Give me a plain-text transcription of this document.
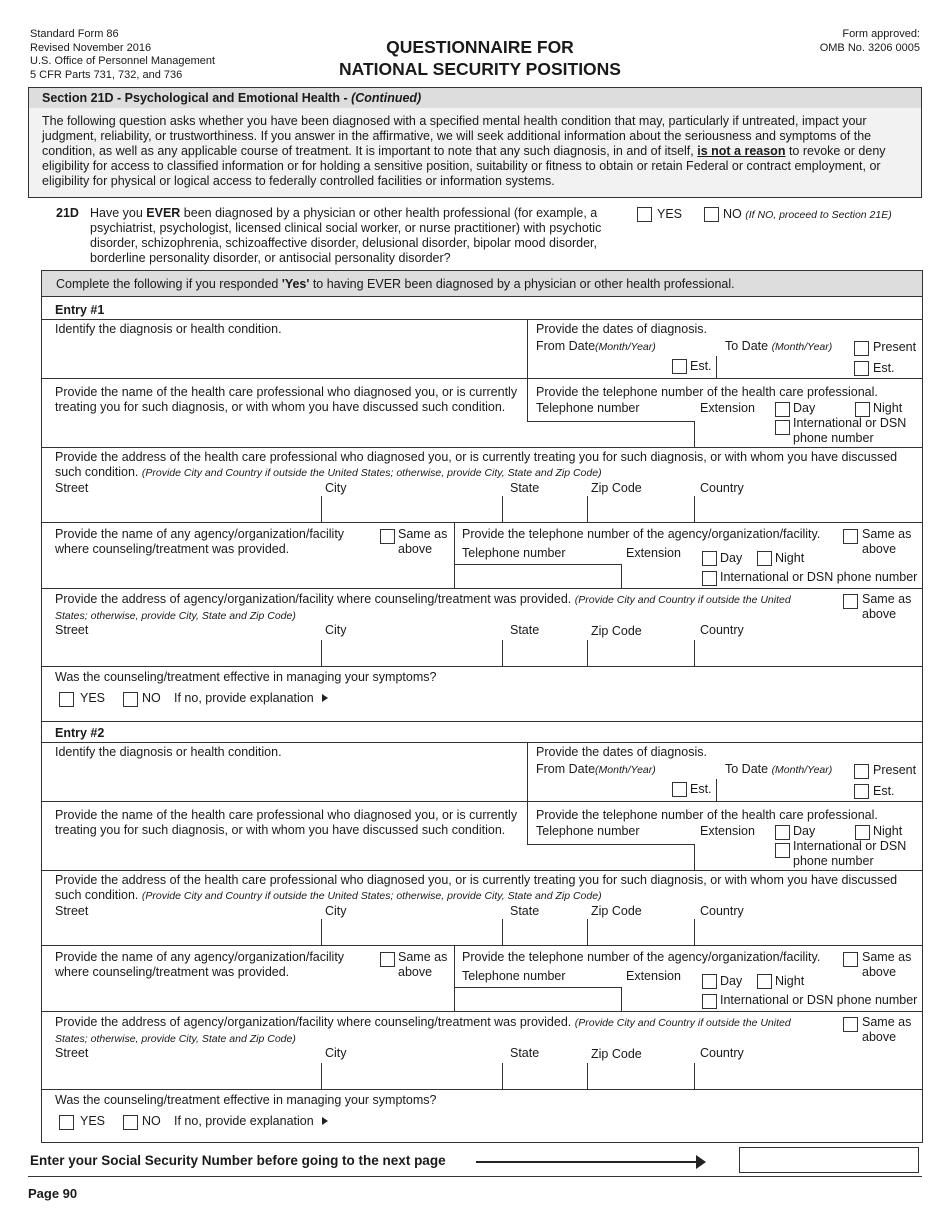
Standard Form 86
Revised November 2016
U.S. Office of Personnel Management
5 CFR Parts 731, 732, and 736
QUESTIONNAIRE FOR
NATIONAL SECURITY POSITIONS
Form approved:
OMB No. 3206 0005
Section 21D - Psychological and Emotional Health - (Continued)
The following question asks whether you have been diagnosed with a specified mental health condition that may, particularly if untreated, impact your judgment, reliability, or trustworthiness. If you answer in the affirmative, we will seek additional information about the seriousness and symptoms of the condition, as well as any applicable course of treatment. It is important to note that any such diagnosis, in and of itself, is not a reason to revoke or deny eligibility for access to classified information or for holding a sensitive position, suitability or fitness to obtain or retain Federal or contract employment, or eligibility for physical or logical access to federally controlled facilities or information systems.
21D Have you EVER been diagnosed by a physician or other health professional (for example, a psychiatrist, psychologist, licensed clinical social worker, or nurse practitioner) with psychotic disorder, schizophrenia, schizoaffective disorder, delusional disorder, bipolar mood disorder, borderline personality disorder, or antisocial personality disorder?
YES	NO (If NO, proceed to Section 21E)
Complete the following if you responded 'Yes' to having EVER been diagnosed by a physician or other health professional.
Entry #1
Identify the diagnosis or health condition.	Provide the dates of diagnosis.
From Date(Month/Year)	To Date (Month/Year)	Present
Est.	Est.
Provide the name of the health care professional who diagnosed you, or is currently treating you for such diagnosis, or with whom you have discussed such condition.
Provide the telephone number of the health care professional.
Telephone number	Extension	Day	Night
International or DSN phone number
Provide the address of the health care professional who diagnosed you, or is currently treating you for such diagnosis, or with whom you have discussed such condition. (Provide City and Country if outside the United States; otherwise, provide City, State and Zip Code)
Street	City	State	Zip Code	Country
Provide the name of any agency/organization/facility where counseling/treatment was provided.
Same as above
Provide the telephone number of the agency/organization/facility.	Same as above
Telephone number	Extension	Day	Night
International or DSN phone number
Provide the address of agency/organization/facility where counseling/treatment was provided. (Provide City and Country if outside the United States; otherwise, provide City, State and Zip Code)
Same as above
Street	City	State	Zip Code	Country
Was the counseling/treatment effective in managing your symptoms?
YES	NO If no, provide explanation
Entry #2
Identify the diagnosis or health condition.	Provide the dates of diagnosis.
From Date(Month/Year)	To Date (Month/Year)	Present
Est.	Est.
Provide the name of the health care professional who diagnosed you, or is currently treating you for such diagnosis, or with whom you have discussed such condition.
Provide the telephone number of the health care professional.
Telephone number	Extension	Day	Night
International or DSN phone number
Provide the address of the health care professional who diagnosed you, or is currently treating you for such diagnosis, or with whom you have discussed such condition. (Provide City and Country if outside the United States; otherwise, provide City, State and Zip Code)
Street	City	State	Zip Code	Country
Provide the name of any agency/organization/facility where counseling/treatment was provided.
Same as above
Provide the telephone number of the agency/organization/facility.	Same as above
Telephone number	Extension	Day	Night
International or DSN phone number
Provide the address of agency/organization/facility where counseling/treatment was provided. (Provide City and Country if outside the United States; otherwise, provide City, State and Zip Code)
Same as above
Street	City	State	Zip Code	Country
Was the counseling/treatment effective in managing your symptoms?
YES	NO If no, provide explanation
Enter your Social Security Number before going to the next page
Page 90
